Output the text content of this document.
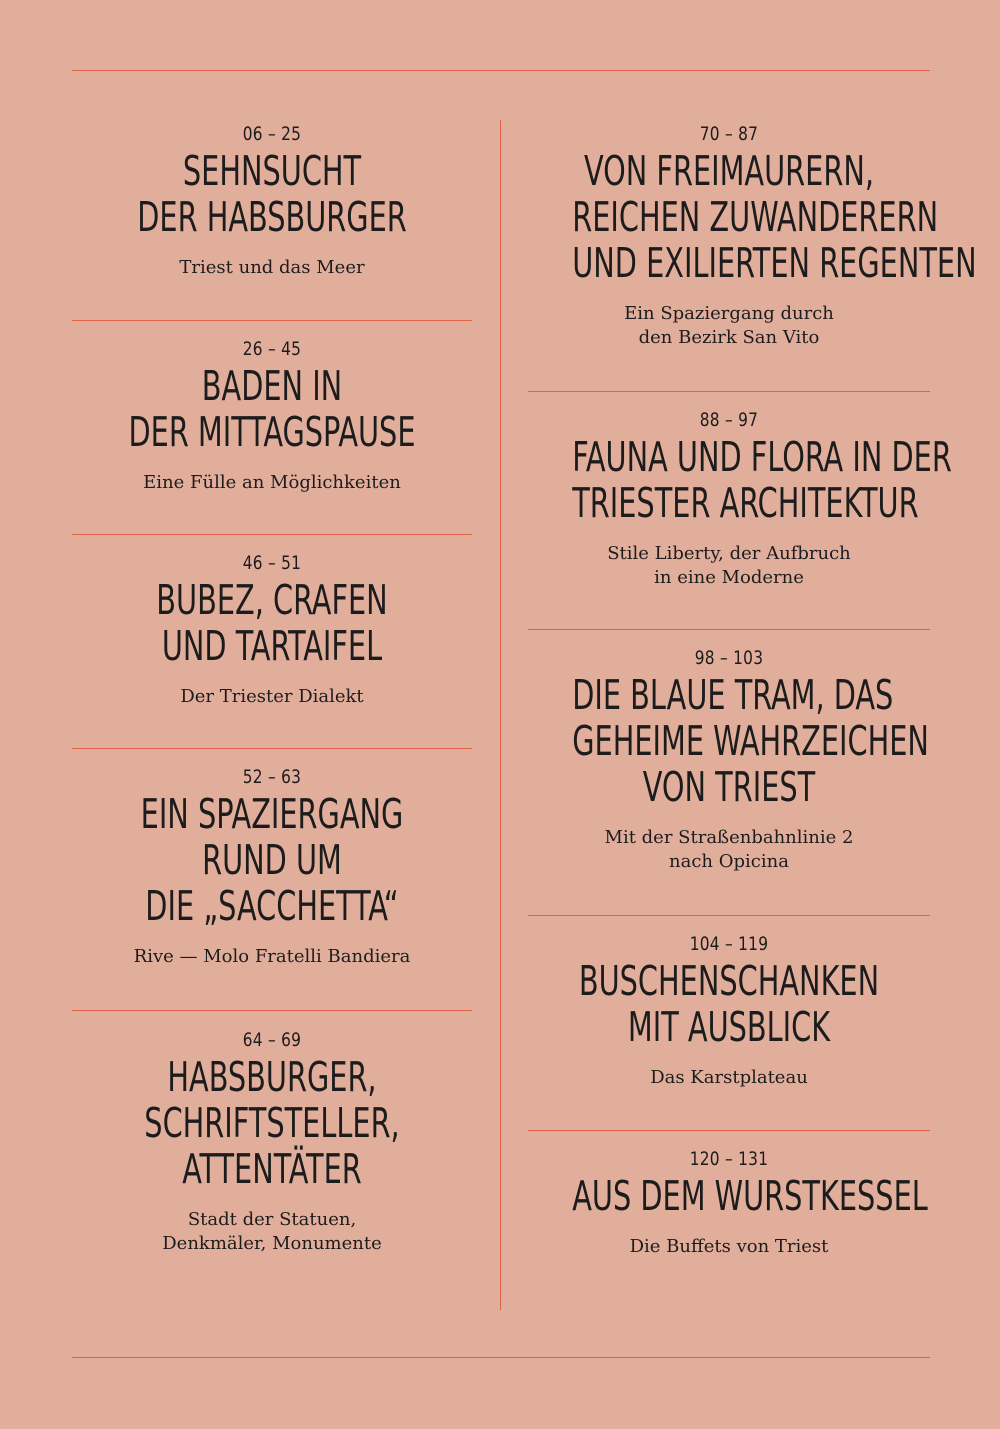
06 – 25
SEHNSUCHT
DER HABSBURGER
Triest und das Meer
26 – 45
BADEN IN
DER MITTAGSPAUSE
Eine Fülle an Möglichkeiten
46 – 51
BUBEZ, CRAFEN
UND TARTAIFEL
Der Triester Dialekt
52 – 63
EIN SPAZIERGANG
RUND UM
DIE „SACCHETTA“
Rive — Molo Fratelli Bandiera
64 – 69
HABSBURGER,
SCHRIFTSTELLER,
ATTENTÄTER
Stadt der Statuen,
Denkmäler, Monumente
70 – 87
VON FREIMAURERN,
REICHEN ZUWANDERERN
UND EXILIERTEN REGENTEN
Ein Spaziergang durch
den Bezirk San Vito
88 – 97
FAUNA UND FLORA IN DER
TRIESTER ARCHITEKTUR
Stile Liberty, der Aufbruch
in eine Moderne
98 – 103
DIE BLAUE TRAM, DAS
GEHEIME WAHRZEICHEN
VON TRIEST
Mit der Straßenbahnlinie 2
nach Opicina
104 – 119
BUSCHENSCHANKEN
MIT AUSBLICK
Das Karstplateau
120 – 131
AUS DEM WURSTKESSEL
Die Buffets von Triest
